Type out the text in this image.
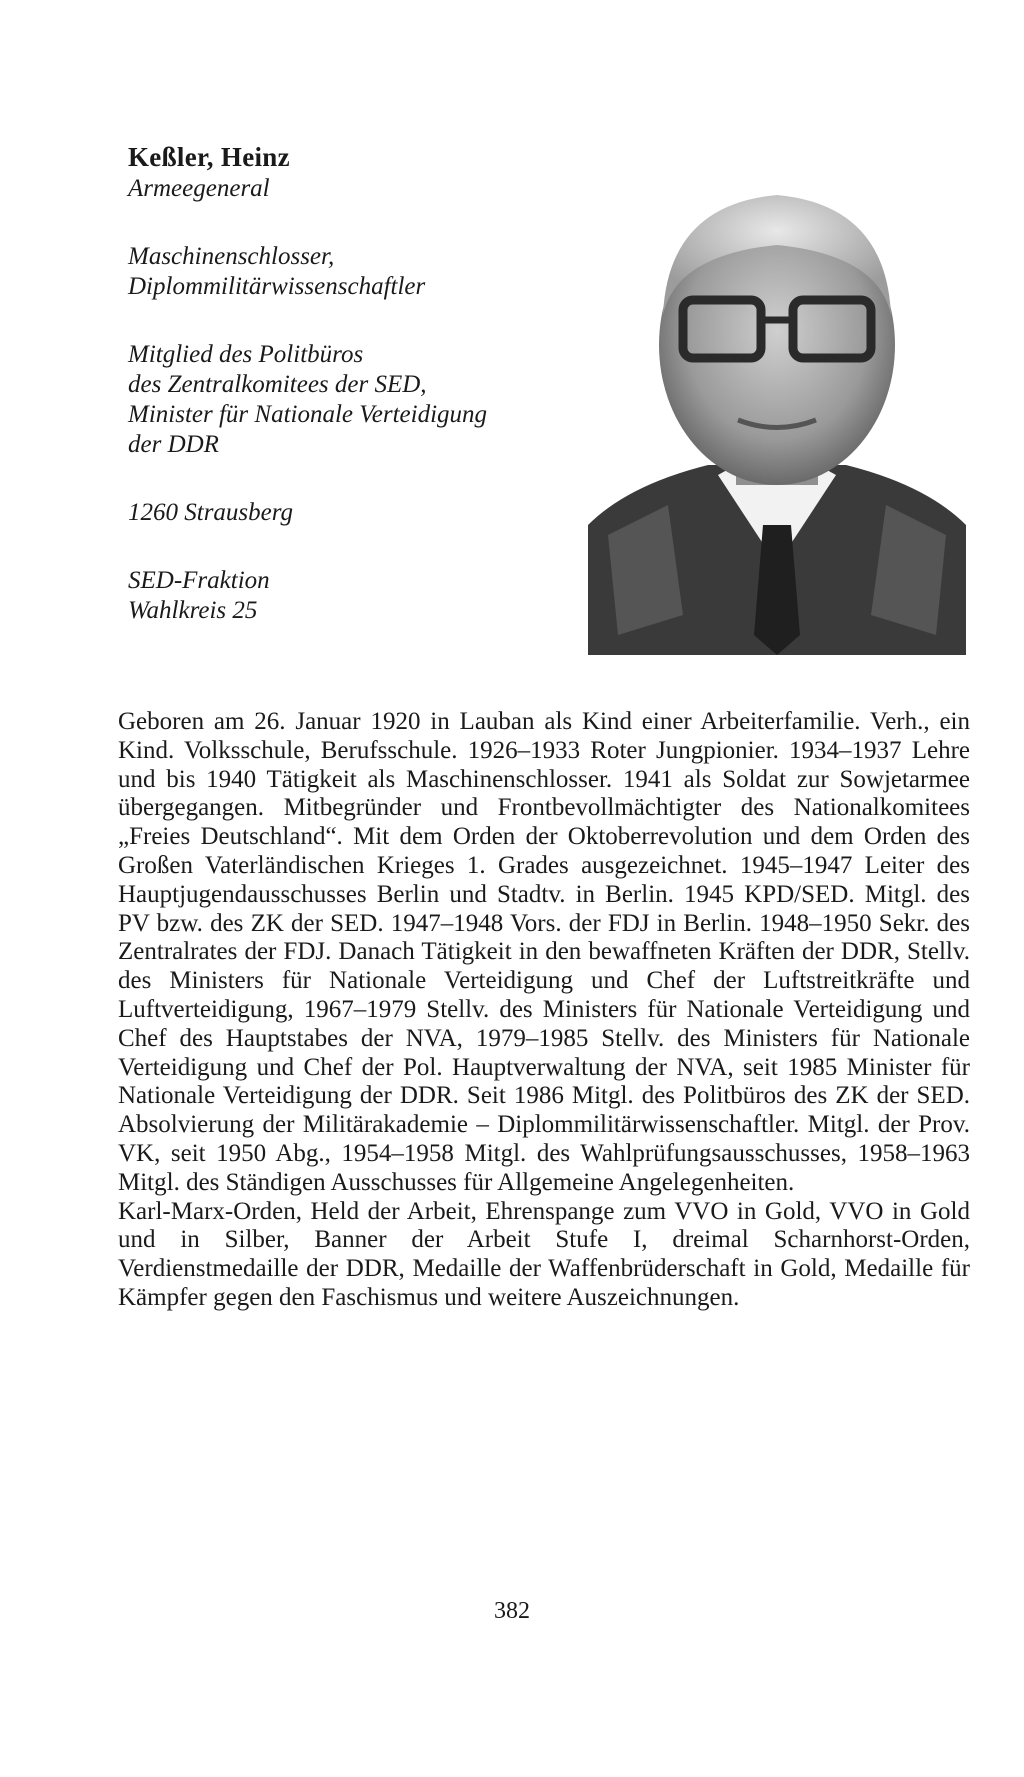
Keßler, Heinz

Armeegeneral

Maschinenschlosser,

Diplommilitärwissenschaftler

Mitglied des Politbüros

des Zentralkomitees der SED,

Minister für Nationale Verteidigung

der DDR

1260 Strausberg

SED-Fraktion

Wahlkreis 25

Geboren am 26. Januar 1920 in Lauban als Kind einer Arbeiterfamilie. Verh., ein Kind. Volksschule, Berufsschule. 1926–1933 Roter Jungpionier. 1934–1937 Lehre und bis 1940 Tätigkeit als Maschinenschlosser. 1941 als Soldat zur Sowjetarmee übergegangen. Mitbegründer und Frontbevollmächtigter des Nationalkomitees „Freies Deutschland“. Mit dem Orden der Oktoberrevolution und dem Orden des Großen Vaterländischen Krieges 1. Grades ausgezeichnet. 1945–1947 Leiter des Hauptjugendausschusses Berlin und Stadtv. in Berlin. 1945 KPD/SED. Mitgl. des PV bzw. des ZK der SED. 1947–1948 Vors. der FDJ in Berlin. 1948–1950 Sekr. des Zentralrates der FDJ. Danach Tätigkeit in den bewaffneten Kräften der DDR, Stellv. des Ministers für Nationale Verteidigung und Chef der Luftstreitkräfte und Luftverteidigung, 1967–1979 Stellv. des Ministers für Nationale Verteidigung und Chef des Hauptstabes der NVA, 1979–1985 Stellv. des Ministers für Nationale Verteidigung und Chef der Pol. Hauptverwaltung der NVA, seit 1985 Minister für Nationale Verteidigung der DDR. Seit 1986 Mitgl. des Politbüros des ZK der SED. Absolvierung der Militärakademie – Diplommilitärwissenschaftler. Mitgl. der Prov. VK, seit 1950 Abg., 1954–1958 Mitgl. des Wahlprüfungsausschusses, 1958–1963 Mitgl. des Ständigen Ausschusses für Allgemeine Angelegenheiten.

Karl-Marx-Orden, Held der Arbeit, Ehrenspange zum VVO in Gold, VVO in Gold und in Silber, Banner der Arbeit Stufe I, dreimal Scharnhorst-Orden, Verdienstmedaille der DDR, Medaille der Waffenbrüderschaft in Gold, Medaille für Kämpfer gegen den Faschismus und weitere Auszeichnungen.

382
